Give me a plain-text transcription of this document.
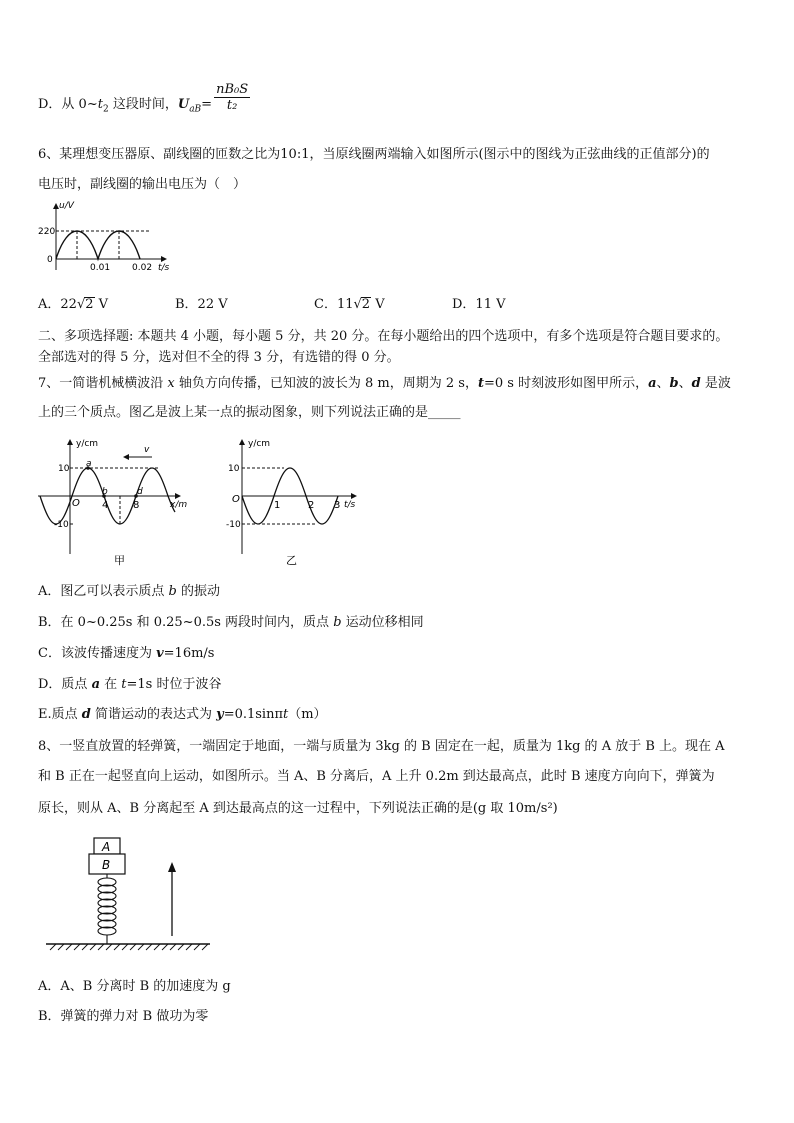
D．从 $0\sim t_2$ 这段时间，$U_{aB}= \frac{\text{nB₀S}}{\text{t₂}}$
6、某理想变压器原、副线圈的匝数之比为10:1，当原线圈两端输入如图所示(图示中的图线为正弦曲线的正值部分)的
电压时，副线圈的输出电压为（　）
u/V
220
0
0.01 0.02 t/s
A．22√2 V	B．22 V	C．11√2 V	D．11 V
二、多项选择题: 本题共 4 小题，每小题 5 分，共 20 分。在每小题给出的四个选项中，有多个选项是符合题目要求的。
全部选对的得 5 分，选对但不全的得 3 分，有选错的得 0 分。
7、一简谐机械横波沿 x 轴负方向传播，已知波的波长为 8 m，周期为 2 s，t=0 s 时刻波形如图甲所示，a、b、d 是波
上的三个质点。图乙是波上某一点的振动图象，则下列说法正确的是_____
y/cm
v
10
-10
O 4 8	x/m
a
b	d
甲
y/cm
10
-10
O
1	2 3 t/s
乙
A．图乙可以表示质点 b 的振动
B．在 0~0.25s 和 0.25~0.5s 两段时间内，质点 b 运动位移相同
C．该波传播速度为 v=16m/s
D．质点 a 在 t=1s 时位于波谷
E.质点 d 简谐运动的表达式为 y=0.1sinπt（m）
8、一竖直放置的轻弹簧，一端固定于地面，一端与质量为 3kg 的 B 固定在一起，质量为 1kg 的 A 放于 B 上。现在 A
和 B 正在一起竖直向上运动，如图所示。当 A、B 分离后，A 上升 0.2m 到达最高点，此时 B 速度方向向下，弹簧为
原长，则从 A、B 分离起至 A 到达最高点的这一过程中，下列说法正确的是(g 取 10m/s²)
A
B
A．A、B 分离时 B 的加速度为 g
B．弹簧的弹力对 B 做功为零
